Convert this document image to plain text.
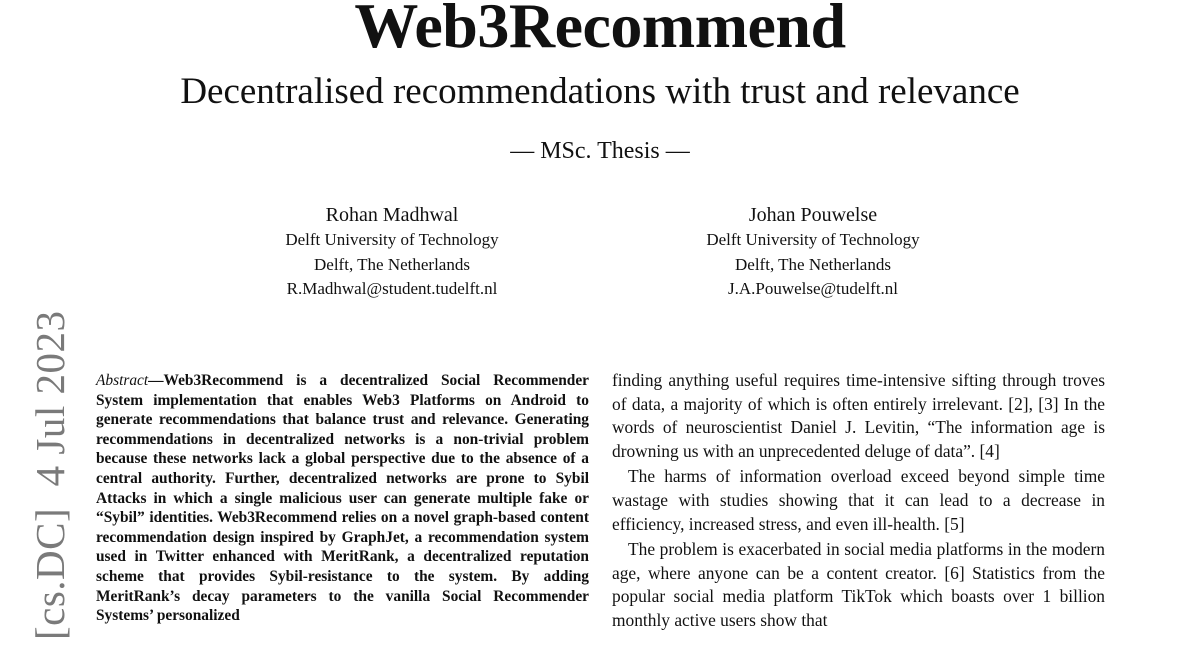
Web3Recommend
Decentralised recommendations with trust and relevance
— MSc. Thesis —
Rohan Madhwal
Delft University of Technology
Delft, The Netherlands
R.Madhwal@student.tudelft.nl
Johan Pouwelse
Delft University of Technology
Delft, The Netherlands
J.A.Pouwelse@tudelft.nl
[cs.DC]  4 Jul 2023 Abstract—Web3Recommend is a decentralized Social Recommender System implementation that enables Web3 Platforms on Android to generate recommendations that balance trust and relevance. Generating recommendations in decentralized networks is a non-trivial problem because these networks lack a global perspective due to the absence of a central authority. Further, decentralized networks are prone to Sybil Attacks in which a single malicious user can generate multiple fake or “Sybil” identities. Web3Recommend relies on a novel graph-based content recommendation design inspired by GraphJet, a recommendation system used in Twitter enhanced with MeritRank, a decentralized reputation scheme that provides Sybil-resistance to the system. By adding MeritRank’s decay parameters to the vanilla Social Recommender Systems’ personalized

finding anything useful requires time-intensive sifting through troves of data, a majority of which is often entirely irrelevant. [2], [3] In the words of neuroscientist Daniel J. Levitin, “The information age is drowning us with an unprecedented deluge of data”. [4]

The harms of information overload exceed beyond simple time wastage with studies showing that it can lead to a decrease in efficiency, increased stress, and even ill-health. [5]

The problem is exacerbated in social media platforms in the modern age, where anyone can be a content creator. [6] Statistics from the popular social media platform TikTok which boasts over 1 billion monthly active users show that
